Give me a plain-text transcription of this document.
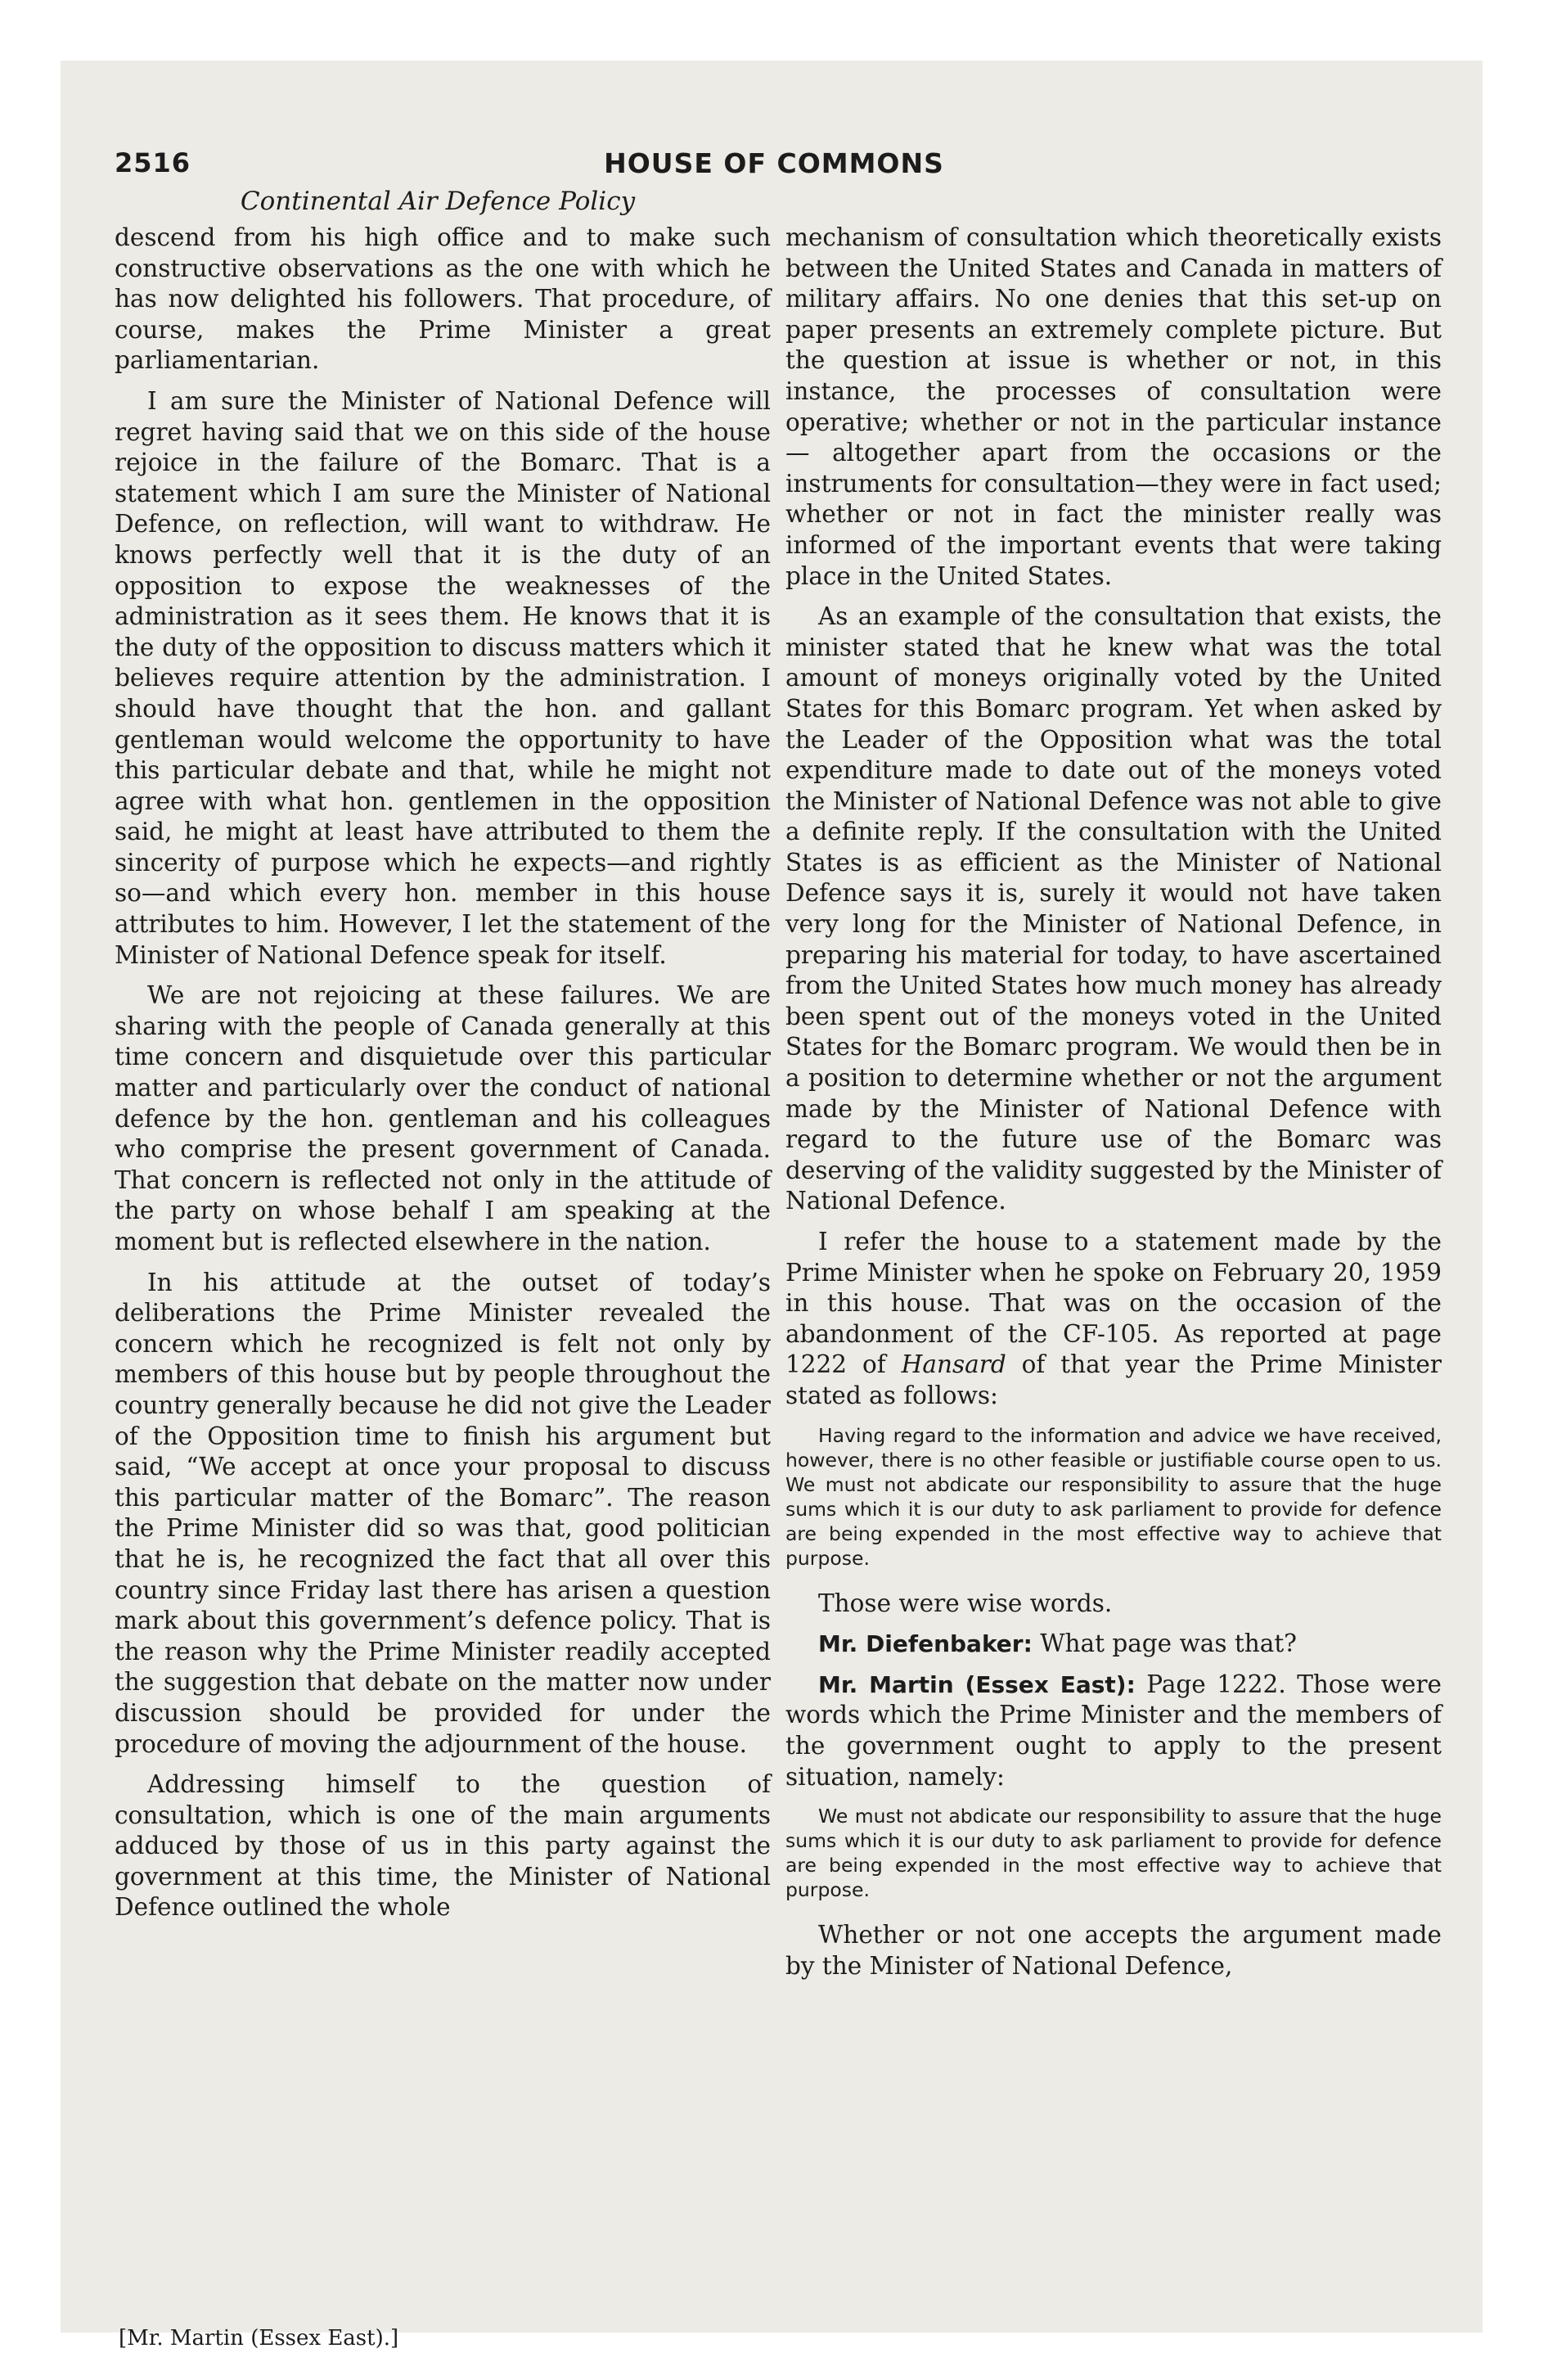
2516	HOUSE OF COMMONS
Continental Air Defence Policy

descend from his high office and to make such constructive observations as the one with which he has now delighted his followers. That procedure, of course, makes the Prime Minister a great parliamentarian.

I am sure the Minister of National Defence will regret having said that we on this side of the house rejoice in the failure of the Bomarc. That is a statement which I am sure the Minister of National Defence, on reflection, will want to withdraw. He knows perfectly well that it is the duty of an opposition to expose the weaknesses of the administration as it sees them. He knows that it is the duty of the opposition to discuss matters which it believes require attention by the administration. I should have thought that the hon. and gallant gentleman would welcome the opportunity to have this particular debate and that, while he might not agree with what hon. gentlemen in the opposition said, he might at least have attributed to them the sincerity of purpose which he expects—and rightly so—and which every hon. member in this house attributes to him. However, I let the statement of the Minister of National Defence speak for itself.

We are not rejoicing at these failures. We are sharing with the people of Canada generally at this time concern and disquietude over this particular matter and particularly over the conduct of national defence by the hon. gentleman and his colleagues who comprise the present government of Canada. That concern is reflected not only in the attitude of the party on whose behalf I am speaking at the moment but is reflected elsewhere in the nation.

In his attitude at the outset of today’s deliberations the Prime Minister revealed the concern which he recognized is felt not only by members of this house but by people throughout the country generally because he did not give the Leader of the Opposition time to finish his argument but said, “We accept at once your proposal to discuss this particular matter of the Bomarc”. The reason the Prime Minister did so was that, good politician that he is, he recognized the fact that all over this country since Friday last there has arisen a question mark about this government’s defence policy. That is the reason why the Prime Minister readily accepted the suggestion that debate on the matter now under discussion should be provided for under the procedure of moving the adjournment of the house.

Addressing himself to the question of consultation, which is one of the main arguments adduced by those of us in this party against the government at this time, the Minister of National Defence outlined the whole

mechanism of consultation which theoretically exists between the United States and Canada in matters of military affairs. No one denies that this set-up on paper presents an extremely complete picture. But the question at issue is whether or not, in this instance, the processes of consultation were operative; whether or not in the particular instance— altogether apart from the occasions or the instruments for consultation—they were in fact used; whether or not in fact the minister really was informed of the important events that were taking place in the United States.

As an example of the consultation that exists, the minister stated that he knew what was the total amount of moneys originally voted by the United States for this Bomarc program. Yet when asked by the Leader of the Opposition what was the total expenditure made to date out of the moneys voted the Minister of National Defence was not able to give a definite reply. If the consultation with the United States is as efficient as the Minister of National Defence says it is, surely it would not have taken very long for the Minister of National Defence, in preparing his material for today, to have ascertained from the United States how much money has already been spent out of the moneys voted in the United States for the Bomarc program. We would then be in a position to determine whether or not the argument made by the Minister of National Defence with regard to the future use of the Bomarc was deserving of the validity suggested by the Minister of National Defence.

I refer the house to a statement made by the Prime Minister when he spoke on February 20, 1959 in this house. That was on the occasion of the abandonment of the CF-105. As reported at page 1222 of Hansard of that year the Prime Minister stated as follows:

Having regard to the information and advice we have received, however, there is no other feasible or justifiable course open to us. We must not abdicate our responsibility to assure that the huge sums which it is our duty to ask parliament to provide for defence are being expended in the most effective way to achieve that purpose.

Those were wise words.

Mr. Diefenbaker: What page was that?

Mr. Martin (Essex East): Page 1222. Those were words which the Prime Minister and the members of the government ought to apply to the present situation, namely:

We must not abdicate our responsibility to assure that the huge sums which it is our duty to ask parliament to provide for defence are being expended in the most effective way to achieve that purpose.

Whether or not one accepts the argument made by the Minister of National Defence,

[Mr. Martin (Essex East).]
